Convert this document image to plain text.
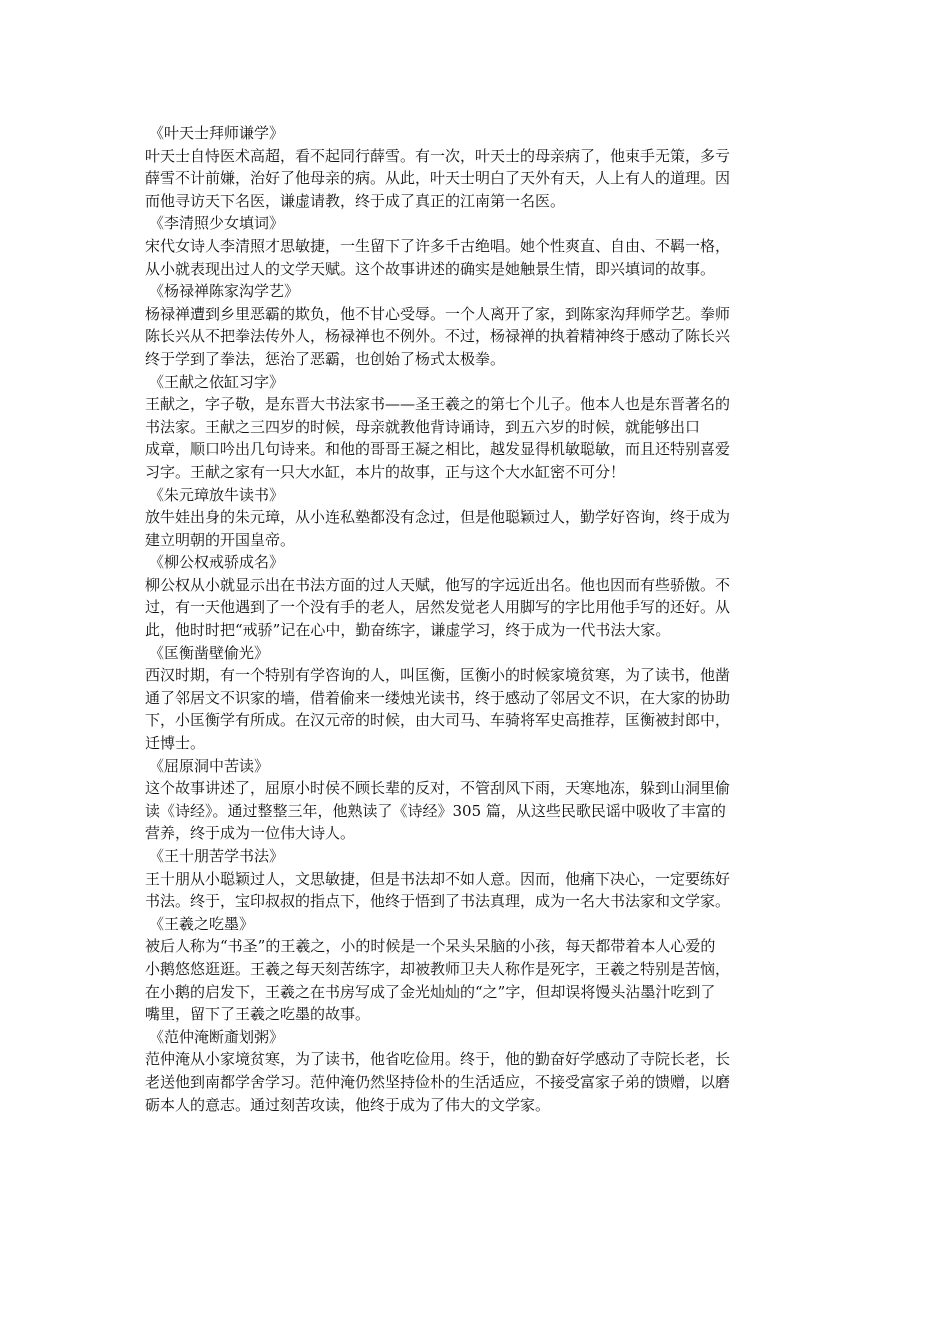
《叶天士拜师谦学》

叶天士自恃医术高超，看不起同行薛雪。有一次，叶天士的母亲病了，他束手无策，多亏
薛雪不计前嫌，治好了他母亲的病。从此，叶天士明白了天外有天，人上有人的道理。因
而他寻访天下名医，谦虚请教，终于成了真正的江南第一名医。

《李清照少女填词》

宋代女诗人李清照才思敏捷，一生留下了许多千古绝唱。她个性爽直、自由、不羁一格，
从小就表现出过人的文学天赋。这个故事讲述的确实是她触景生情，即兴填词的故事。

《杨禄禅陈家沟学艺》

杨禄禅遭到乡里恶霸的欺负，他不甘心受辱。一个人离开了家，到陈家沟拜师学艺。拳师
陈长兴从不把拳法传外人，杨禄禅也不例外。不过，杨禄禅的执着精神终于感动了陈长兴
终于学到了拳法，惩治了恶霸，也创始了杨式太极拳。

《王献之依缸习字》

王献之，字子敬，是东晋大书法家书——圣王羲之的第七个儿子。他本人也是东晋著名的
书法家。王献之三四岁的时候，母亲就教他背诗诵诗，到五六岁的时候，就能够出口
成章，顺口吟出几句诗来。和他的哥哥王凝之相比，越发显得机敏聪敏，而且还特别喜爱
习字。王献之家有一只大水缸，本片的故事，正与这个大水缸密不可分！

《朱元璋放牛读书》

放牛娃出身的朱元璋，从小连私塾都没有念过，但是他聪颖过人，勤学好咨询，终于成为
建立明朝的开国皇帝。

《柳公权戒骄成名》

柳公权从小就显示出在书法方面的过人天赋，他写的字远近出名。他也因而有些骄傲。不
过，有一天他遇到了一个没有手的老人，居然发觉老人用脚写的字比用他手写的还好。从
此，他时时把“戒骄”记在心中，勤奋练字，谦虚学习，终于成为一代书法大家。

《匡衡凿壁偷光》

西汉时期，有一个特别有学咨询的人，叫匡衡，匡衡小的时候家境贫寒，为了读书，他凿
通了邻居文不识家的墙，借着偷来一缕烛光读书，终于感动了邻居文不识，在大家的协助
下，小匡衡学有所成。在汉元帝的时候，由大司马、车骑将军史高推荐，匡衡被封郎中，
迁博士。

《屈原洞中苦读》

这个故事讲述了，屈原小时侯不顾长辈的反对，不管刮风下雨，天寒地冻，躲到山洞里偷
读《诗经》。通过整整三年，他熟读了《诗经》305 篇，从这些民歌民谣中吸收了丰富的
营养，终于成为一位伟大诗人。

《王十朋苦学书法》

王十朋从小聪颖过人，文思敏捷，但是书法却不如人意。因而，他痛下决心，一定要练好
书法。终于，宝印叔叔的指点下，他终于悟到了书法真理，成为一名大书法家和文学家。

《王羲之吃墨》

被后人称为“书圣”的王羲之，小的时候是一个呆头呆脑的小孩，每天都带着本人心爱的
小鹅悠悠逛逛。王羲之每天刻苦练字，却被教师卫夫人称作是死字，王羲之特别是苦恼，
在小鹅的启发下，王羲之在书房写成了金光灿灿的“之”字，但却误将馒头沾墨汁吃到了
嘴里，留下了王羲之吃墨的故事。

《范仲淹断齑划粥》

范仲淹从小家境贫寒，为了读书，他省吃俭用。终于，他的勤奋好学感动了寺院长老，长
老送他到南都学舍学习。范仲淹仍然坚持俭朴的生活适应，不接受富家子弟的馈赠，以磨
砺本人的意志。通过刻苦攻读，他终于成为了伟大的文学家。
